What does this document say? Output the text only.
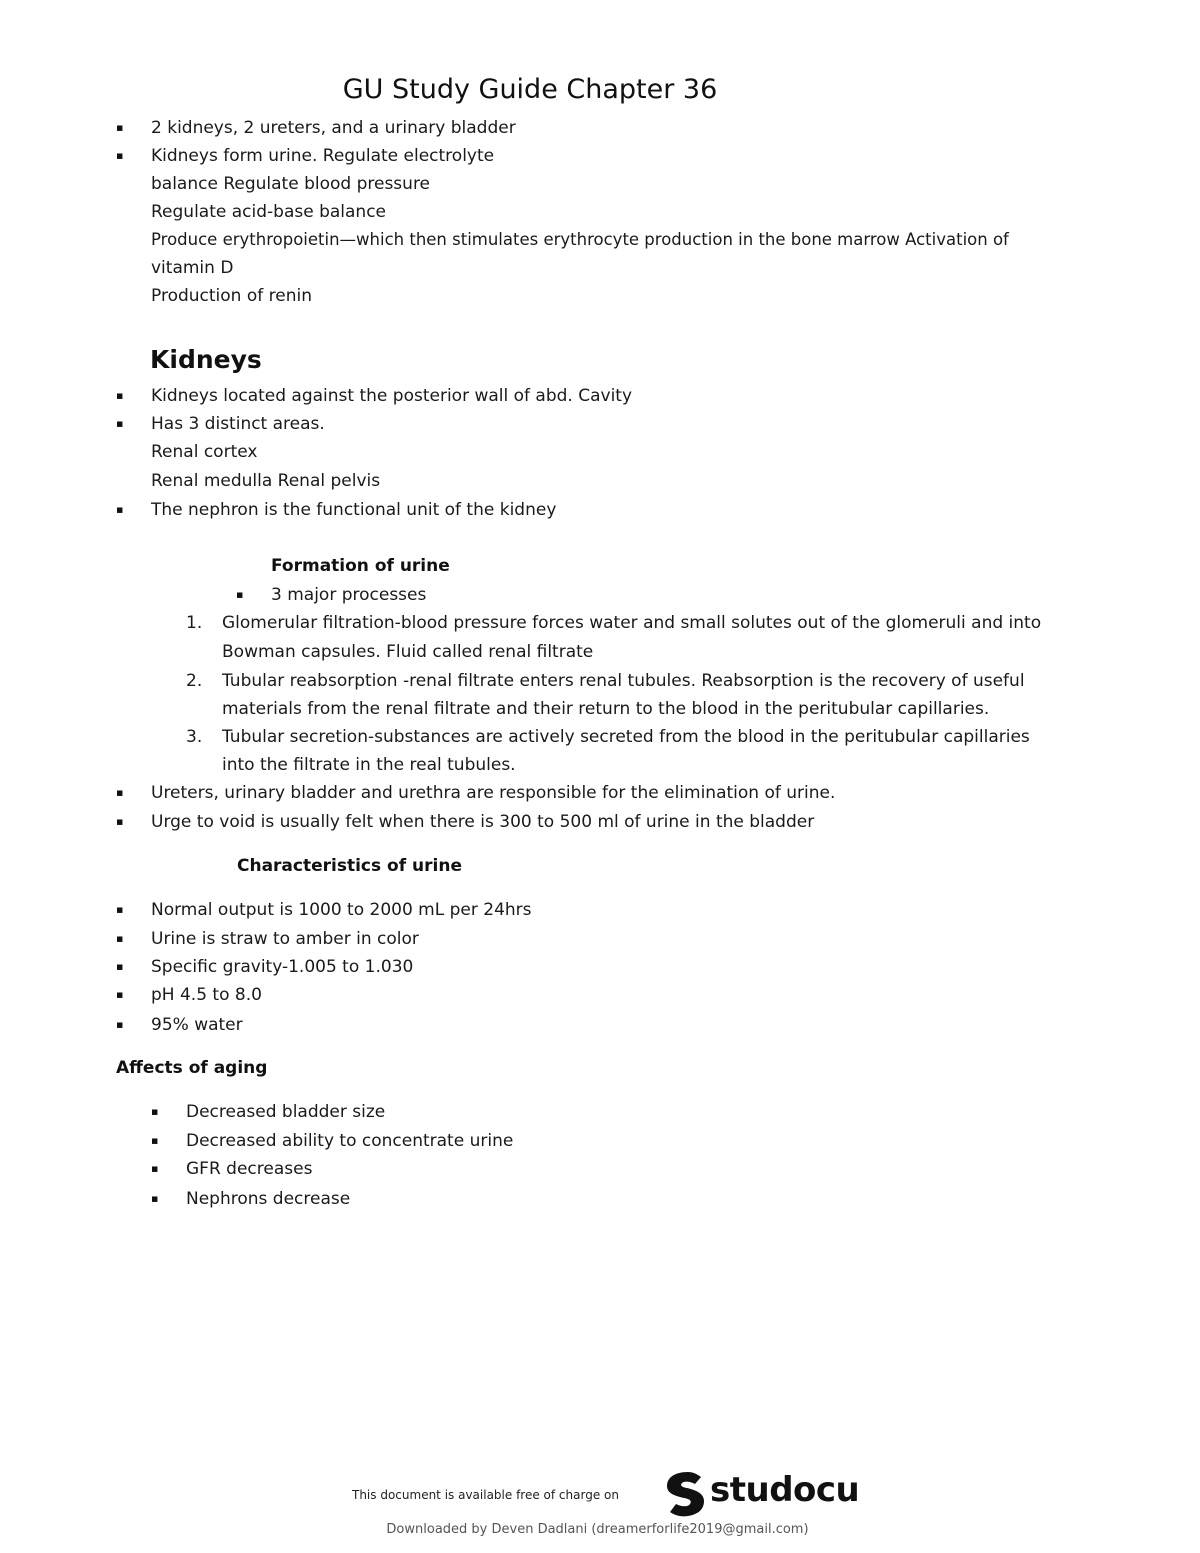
GU Study Guide Chapter 36
▪ 2 kidneys, 2 ureters, and a urinary bladder
▪ Kidneys form urine. Regulate electrolyte
balance Regulate blood pressure
Regulate acid-base balance
Produce erythropoietin—which then stimulates erythrocyte production in the bone marrow Activation of
vitamin D
Production of renin
Kidneys
▪ Kidneys located against the posterior wall of abd. Cavity
▪ Has 3 distinct areas.
Renal cortex
Renal medulla Renal pelvis
▪ The nephron is the functional unit of the kidney
Formation of urine
▪ 3 major processes
1. Glomerular filtration-blood pressure forces water and small solutes out of the glomeruli and into
Bowman capsules. Fluid called renal filtrate
2. Tubular reabsorption -renal filtrate enters renal tubules. Reabsorption is the recovery of useful
materials from the renal filtrate and their return to the blood in the peritubular capillaries.
3. Tubular secretion-substances are actively secreted from the blood in the peritubular capillaries
into the filtrate in the real tubules.
▪ Ureters, urinary bladder and urethra are responsible for the elimination of urine.
▪ Urge to void is usually felt when there is 300 to 500 ml of urine in the bladder
Characteristics of urine
▪ Normal output is 1000 to 2000 mL per 24hrs
▪ Urine is straw to amber in color
▪ Specific gravity-1.005 to 1.030
▪ pH 4.5 to 8.0
▪ 95% water
Affects of aging
▪ Decreased bladder size
▪ Decreased ability to concentrate urine
▪ GFR decreases
▪ Nephrons decrease
This document is available free of charge on	studocu
Downloaded by Deven Dadlani (dreamerforlife2019@gmail.com)
